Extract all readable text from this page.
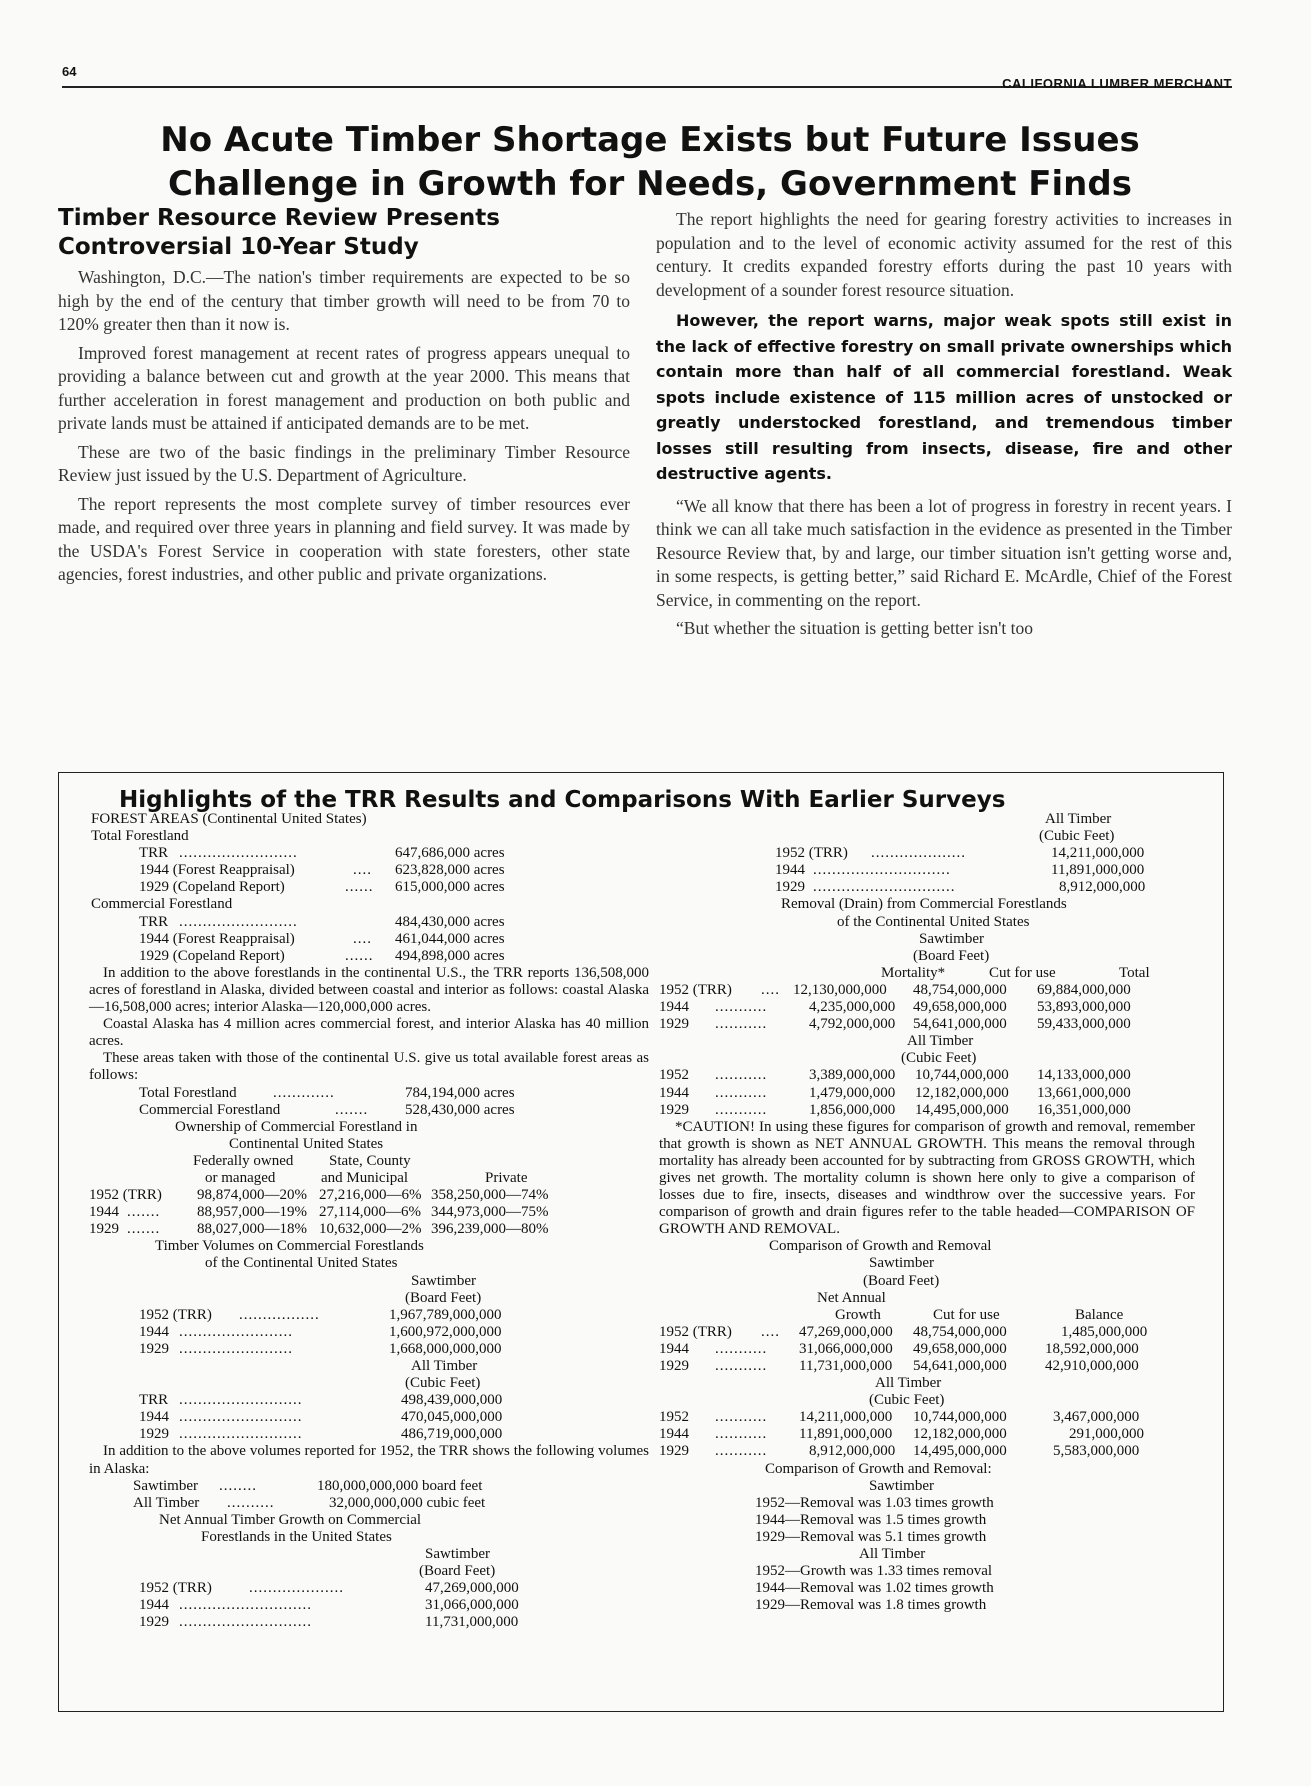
64
CALIFORNIA LUMBER MERCHANT
No Acute Timber Shortage Exists but Future Issues
Challenge in Growth for Needs, Government Finds
Timber Resource Review Presents
Controversial 10-Year Study

Washington, D.C.—The nation's timber requirements are expected to be so high by the end of the century that timber growth will need to be from 70 to 120% greater then than it now is.

Improved forest management at recent rates of progress appears unequal to providing a balance between cut and growth at the year 2000. This means that further acceleration in forest management and production on both public and private lands must be attained if anticipated demands are to be met.

These are two of the basic findings in the preliminary Timber Resource Review just issued by the U.S. Department of Agriculture.

The report represents the most complete survey of timber resources ever made, and required over three years in planning and field survey. It was made by the USDA's Forest Service in cooperation with state foresters, other state agencies, forest industries, and other public and private organizations.

The report highlights the need for gearing forestry activities to increases in population and to the level of economic activity assumed for the rest of this century. It credits expanded forestry efforts during the past 10 years with development of a sounder forest resource situation.

However, the report warns, major weak spots still exist in the lack of effective forestry on small private ownerships which contain more than half of all commercial forestland. Weak spots include existence of 115 million acres of unstocked or greatly understocked forestland, and tremendous timber losses still resulting from insects, disease, fire and other destructive agents.

“We all know that there has been a lot of progress in forestry in recent years. I think we can all take much satisfaction in the evidence as presented in the Timber Resource Review that, by and large, our timber situation isn't getting worse and, in some respects, is getting better,” said Richard E. McArdle, Chief of the Forest Service, in commenting on the report.

“But whether the situation is getting better isn't too

Highlights of the TRR Results and Comparisons With Earlier Surveys
FOREST AREAS (Continental United States)
Total Forestland
TRR .........................	647,686,000 acres
1944 (Forest Reappraisal)	.... 623,828,000 acres
1929 (Copeland Report)	...... 615,000,000 acres
Commercial Forestland
TRR .........................	484,430,000 acres
1944 (Forest Reappraisal)	.... 461,044,000 acres
1929 (Copeland Report)	...... 494,898,000 acres
In addition to the above forestlands in the continental U.S., the TRR reports 136,508,000 acres of forestland in Alaska, divided between coastal and interior as follows: coastal Alaska—16,508,000 acres; interior Alaska—120,000,000 acres.
Coastal Alaska has 4 million acres commercial forest, and interior Alaska has 40 million acres.
These areas taken with those of the continental U.S. give us total available forest areas as follows:
Total Forestland .............	784,194,000 acres
Commercial Forestland	....... 528,430,000 acres
Ownership of Commercial Forestland in
Continental United States
Federally owned State, County
or managed	and Municipal	Private
1952 (TRR) 98,874,000—20% 27,216,000—6% 358,250,000—74%
1944 ....... 88,957,000—19% 27,114,000—6% 344,973,000—75%
1929 ....... 88,027,000—18% 10,632,000—2% 396,239,000—80%
Timber Volumes on Commercial Forestlands
of the Continental United States
Sawtimber
(Board Feet)
1952 (TRR) .................	1,967,789,000,000
1944 ........................	1,600,972,000,000
1929 ........................	1,668,000,000,000
All Timber
(Cubic Feet)
TRR ..........................	498,439,000,000
1944 ..........................	470,045,000,000
1929 ..........................	486,719,000,000
In addition to the above volumes reported for 1952, the TRR shows the following volumes in Alaska:
Sawtimber ........	180,000,000,000 board feet
All Timber ..........	32,000,000,000 cubic feet
Net Annual Timber Growth on Commercial
Forestlands in the United States
Sawtimber
(Board Feet)
1952 (TRR) ....................	47,269,000,000
1944 ............................	31,066,000,000
1929 ............................	11,731,000,000
All Timber
(Cubic Feet)
1952 (TRR) ....................	14,211,000,000
1944 .............................	11,891,000,000
1929 ..............................	8,912,000,000
Removal (Drain) from Commercial Forestlands
of the Continental United States
Sawtimber
(Board Feet)
Mortality*	Cut for use	Total
1952 (TRR) .... 12,130,000,000 48,754,000,000 69,884,000,000
1944 ...........	4,235,000,000 49,658,000,000 53,893,000,000
1929 ...........	4,792,000,000 54,641,000,000 59,433,000,000
All Timber
(Cubic Feet)
1952 ...........	3,389,000,000 10,744,000,000 14,133,000,000
1944 ...........	1,479,000,000 12,182,000,000 13,661,000,000
1929 ...........	1,856,000,000 14,495,000,000 16,351,000,000
*CAUTION! In using these figures for comparison of growth and removal, remember that growth is shown as NET ANNUAL GROWTH. This means the removal through mortality has already been accounted for by subtracting from GROSS GROWTH, which gives net growth. The mortality column is shown here only to give a comparison of losses due to fire, insects, diseases and windthrow over the successive years. For comparison of growth and drain figures refer to the table headed—COMPARISON OF GROWTH AND REMOVAL.
Comparison of Growth and Removal
Sawtimber
(Board Feet)
Net Annual
Growth	Cut for use	Balance
1952 (TRR) .... 47,269,000,000 48,754,000,000	1,485,000,000
1944 ........... 31,066,000,000 49,658,000,000	18,592,000,000
1929 ........... 11,731,000,000 54,641,000,000	42,910,000,000
All Timber
(Cubic Feet)
1952 ........... 14,211,000,000 10,744,000,000	3,467,000,000
1944 ........... 11,891,000,000 12,182,000,000	291,000,000
1929 ...........	8,912,000,000 14,495,000,000	5,583,000,000
Comparison of Growth and Removal:
Sawtimber
1952—Removal was 1.03 times growth
1944—Removal was 1.5 times growth
1929—Removal was 5.1 times growth
All Timber
1952—Growth was 1.33 times removal
1944—Removal was 1.02 times growth
1929—Removal was 1.8 times growth
